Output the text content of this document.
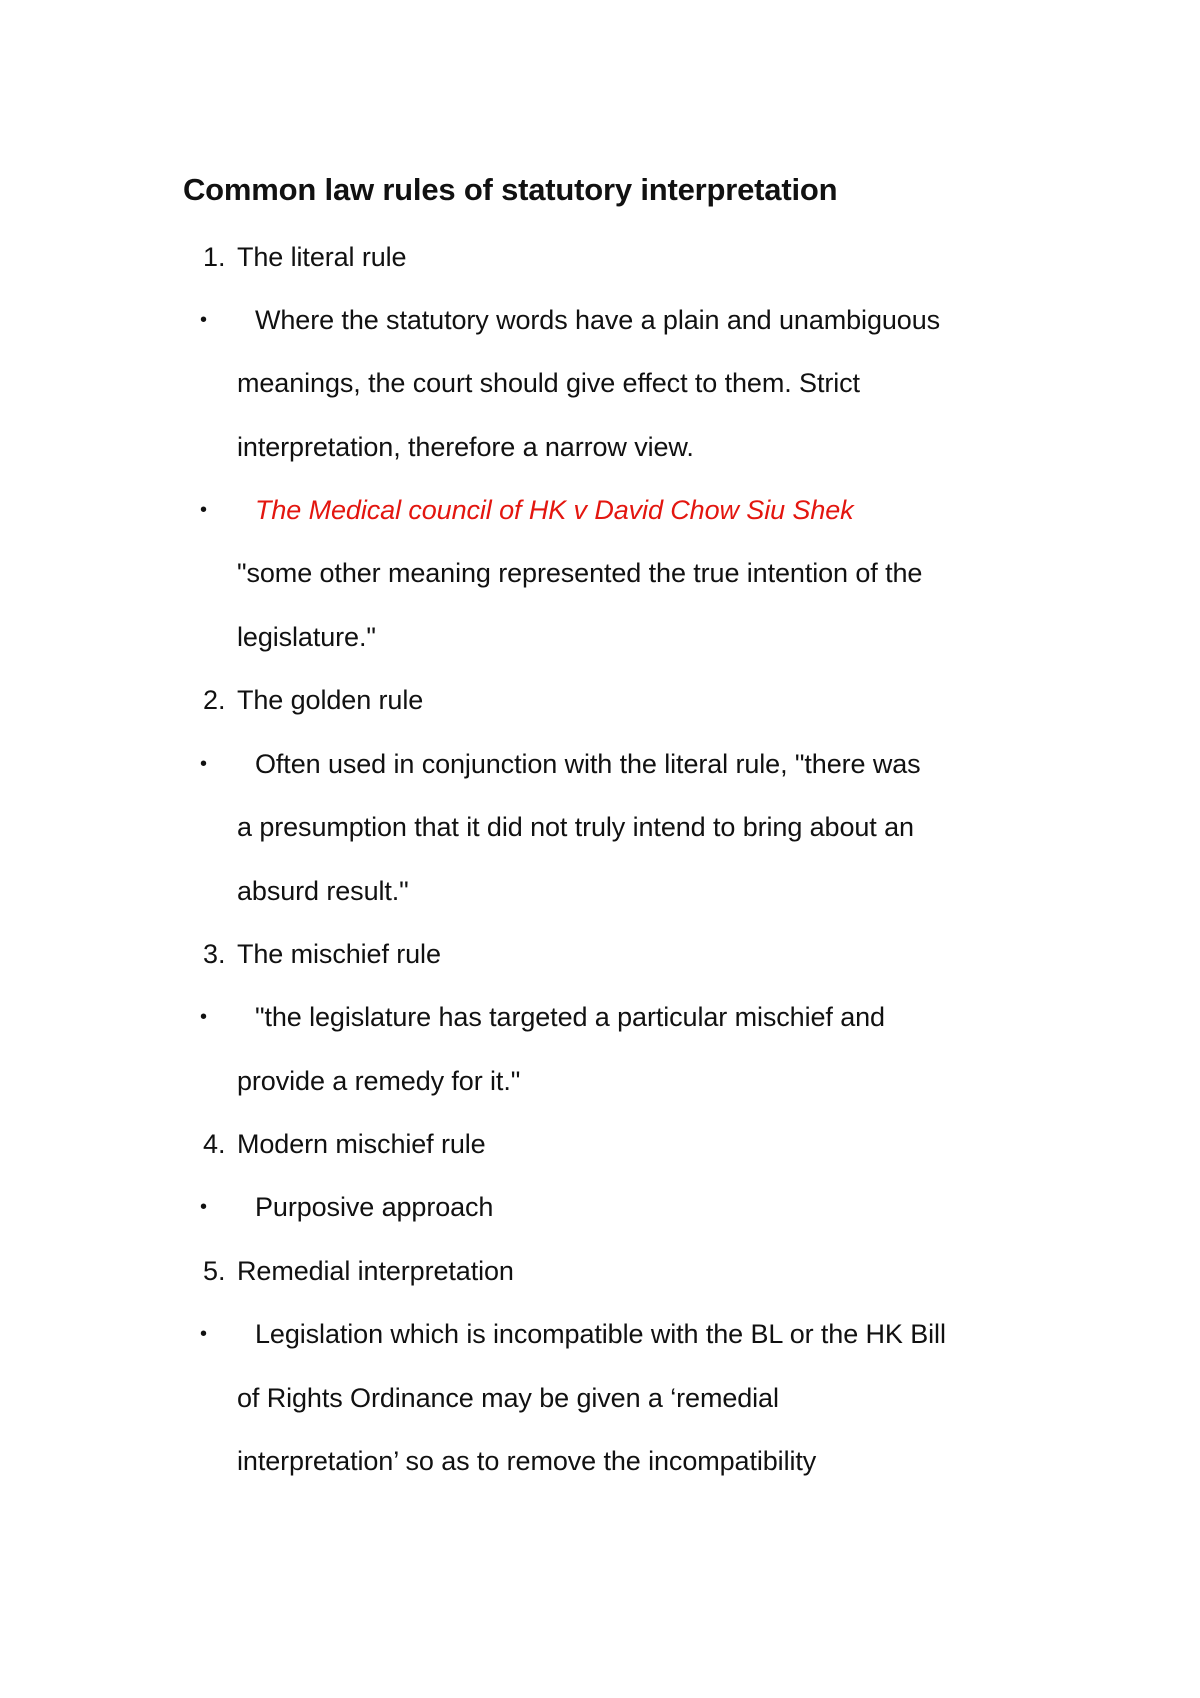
Common law rules of statutory interpretation
1. The literal rule
• Where the statutory words have a plain and unambiguous
meanings, the court should give effect to them. Strict
interpretation, therefore a narrow view.
• The Medical council of HK v David Chow Siu Shek
"some other meaning represented the true intention of the
legislature."
2. The golden rule
• Often used in conjunction with the literal rule, "there was
a presumption that it did not truly intend to bring about an
absurd result."
3. The mischief rule
• "the legislature has targeted a particular mischief and
provide a remedy for it."
4. Modern mischief rule
• Purposive approach
5. Remedial interpretation
• Legislation which is incompatible with the BL or the HK Bill
of Rights Ordinance may be given a ‘remedial
interpretation’ so as to remove the incompatibility
